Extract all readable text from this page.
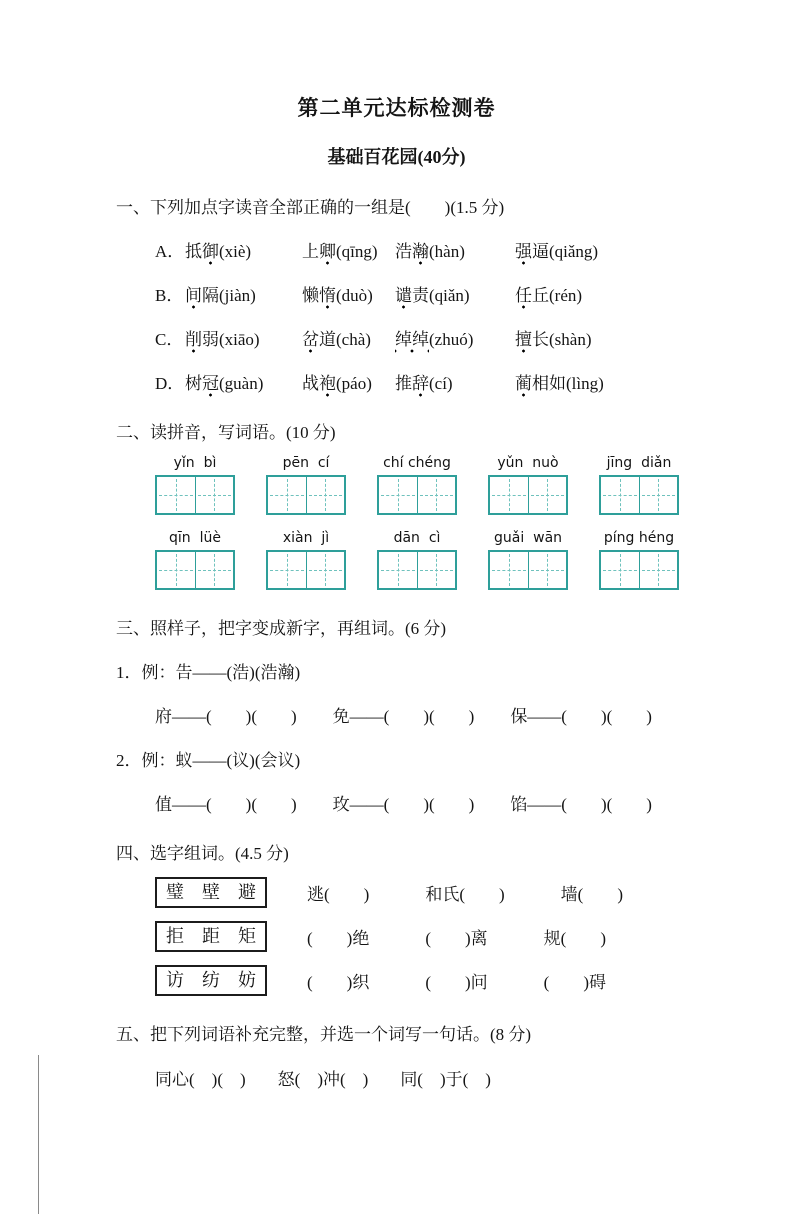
第二单元达标检测卷
基础百花园(40分)
一、下列加点字读音全部正确的一组是(　　)(1.5 分)
A． 抵御(xiè)	上卿(qīng)	浩瀚(hàn)	强逼(qiǎng)
B． 间隔(jiàn)	懒惰(duò)	谴责(qiǎn)	任丘(rén)
C． 削弱(xiāo)	岔道(chà)	绰绰(zhuó)	擅长(shàn)
D． 树冠(guàn)	战袍(páo)	推辞(cí)	蔺相如(lìng)
二、读拼音，写词语。(10 分)
yǐn  bì	pēn  cí	chí chéng	yǔn  nuò	jīng  diǎn
qīn  lüè	xiàn  jì	dān  cì	guǎi  wān	píng héng
三、照样子，把字变成新字，再组词。(6 分)
1．例：告——(浩)(浩瀚)
府——(　　)(　　) 免——(　　)(　　) 保——(　　)(　　)
2．例：蚁——(议)(会议)
值——(　　)(　　) 玫——(　　)(　　) 馅——(　　)(　　)
四、选字组词。(4.5 分)
璧　壁　避	逃(　　)	和氏(　　)	墙(　　)
拒　距　矩	(　　)绝	(　　)离	规(　　)
访　纺　妨	(　　)织	(　　)问	(　　)碍
五、把下列词语补充完整，并选一个词写一句话。(8 分)
同心(　)(　) 怒(　)冲(　) 同(　)于(　)
